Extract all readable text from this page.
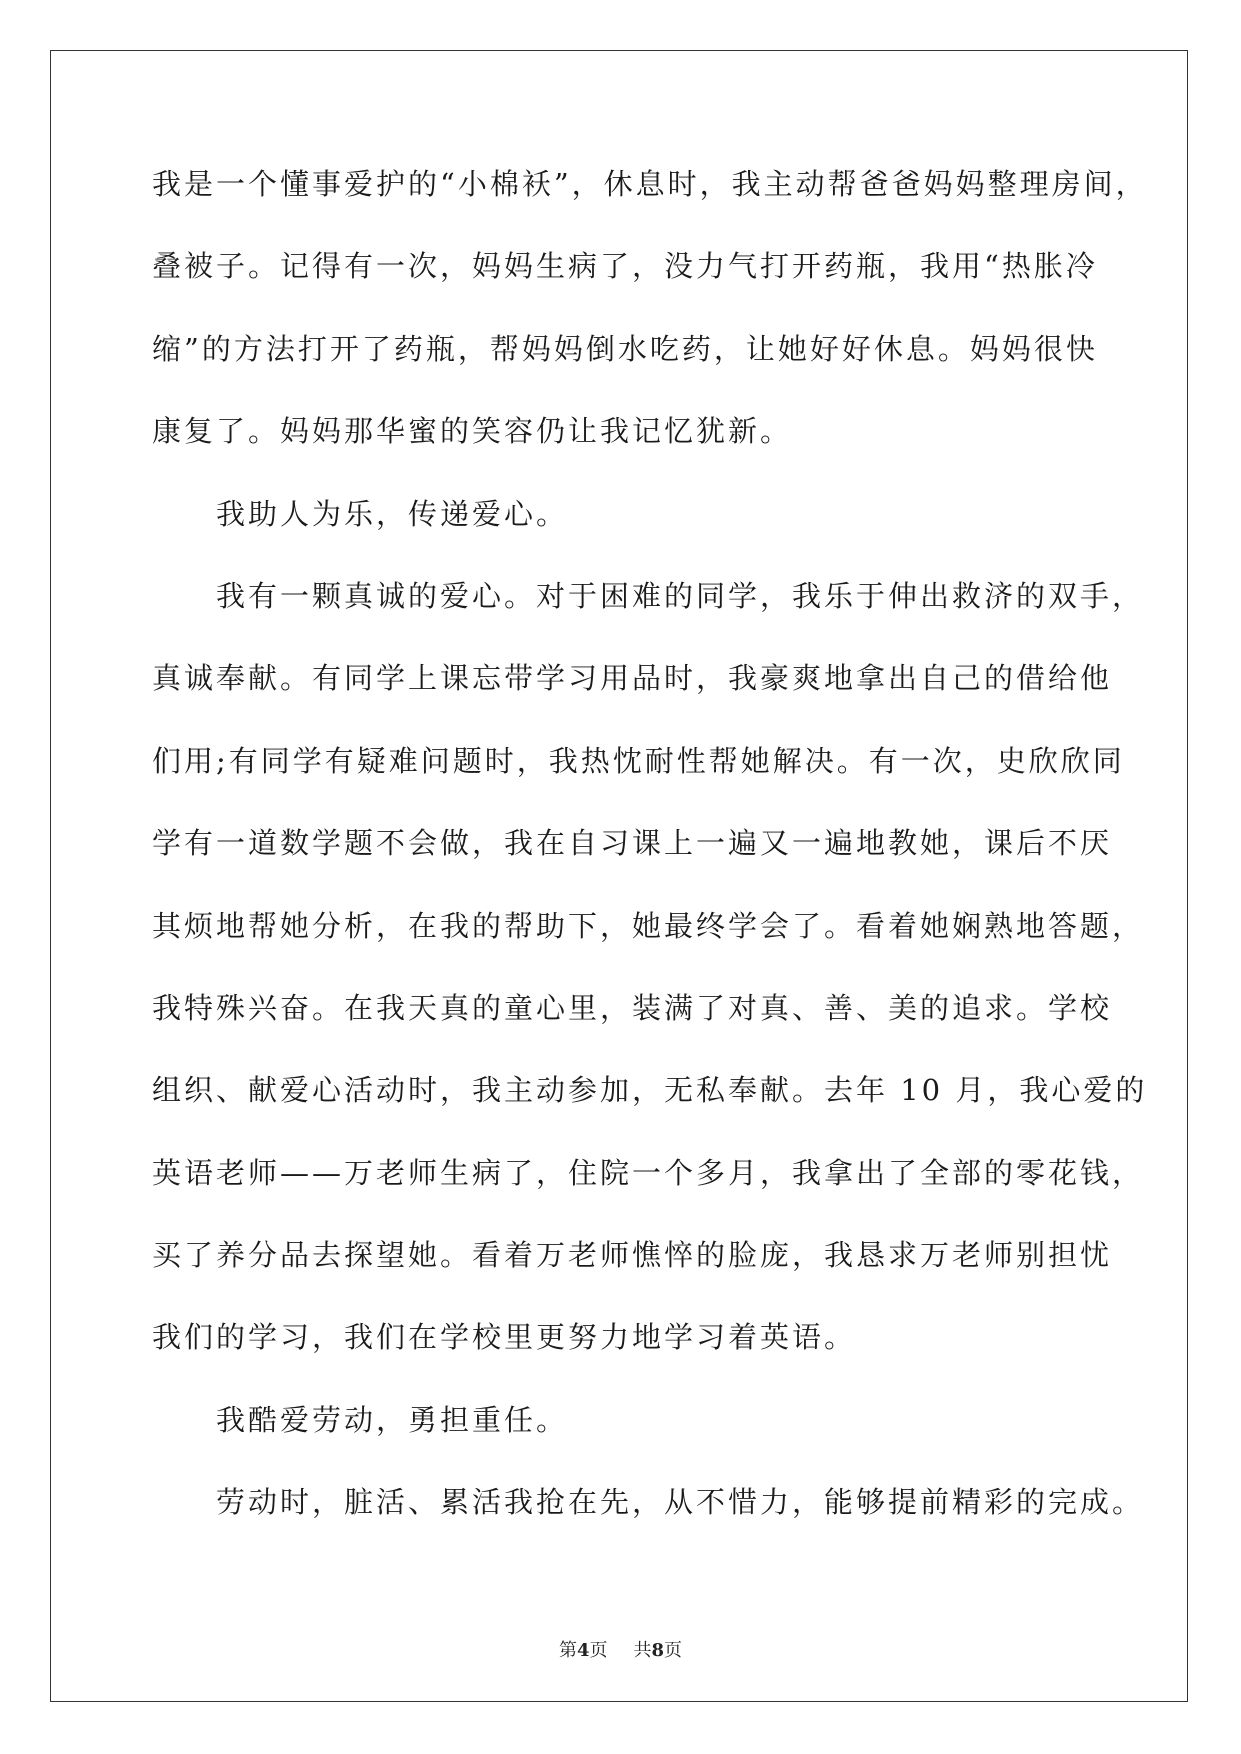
我是一个懂事爱护的“小棉袄”，休息时，我主动帮爸爸妈妈整理房间，
叠被子。记得有一次，妈妈生病了，没力气打开药瓶，我用“热胀冷
缩”的方法打开了药瓶，帮妈妈倒水吃药，让她好好休息。妈妈很快
康复了。妈妈那华蜜的笑容仍让我记忆犹新。
我助人为乐，传递爱心。
我有一颗真诚的爱心。对于困难的同学，我乐于伸出救济的双手，
真诚奉献。有同学上课忘带学习用品时，我豪爽地拿出自己的借给他
们用;有同学有疑难问题时，我热忱耐性帮她解决。有一次，史欣欣同
学有一道数学题不会做，我在自习课上一遍又一遍地教她，课后不厌
其烦地帮她分析，在我的帮助下，她最终学会了。看着她娴熟地答题，
我特殊兴奋。在我天真的童心里，装满了对真、善、美的追求。学校
组织、献爱心活动时，我主动参加，无私奉献。去年 10 月，我心爱的
英语老师——万老师生病了，住院一个多月，我拿出了全部的零花钱，
买了养分品去探望她。看着万老师憔悴的脸庞，我恳求万老师别担忧
我们的学习，我们在学校里更努力地学习着英语。
我酷爱劳动，勇担重任。
劳动时，脏活、累活我抢在先，从不惜力，能够提前精彩的完成。
第4页 共8页
